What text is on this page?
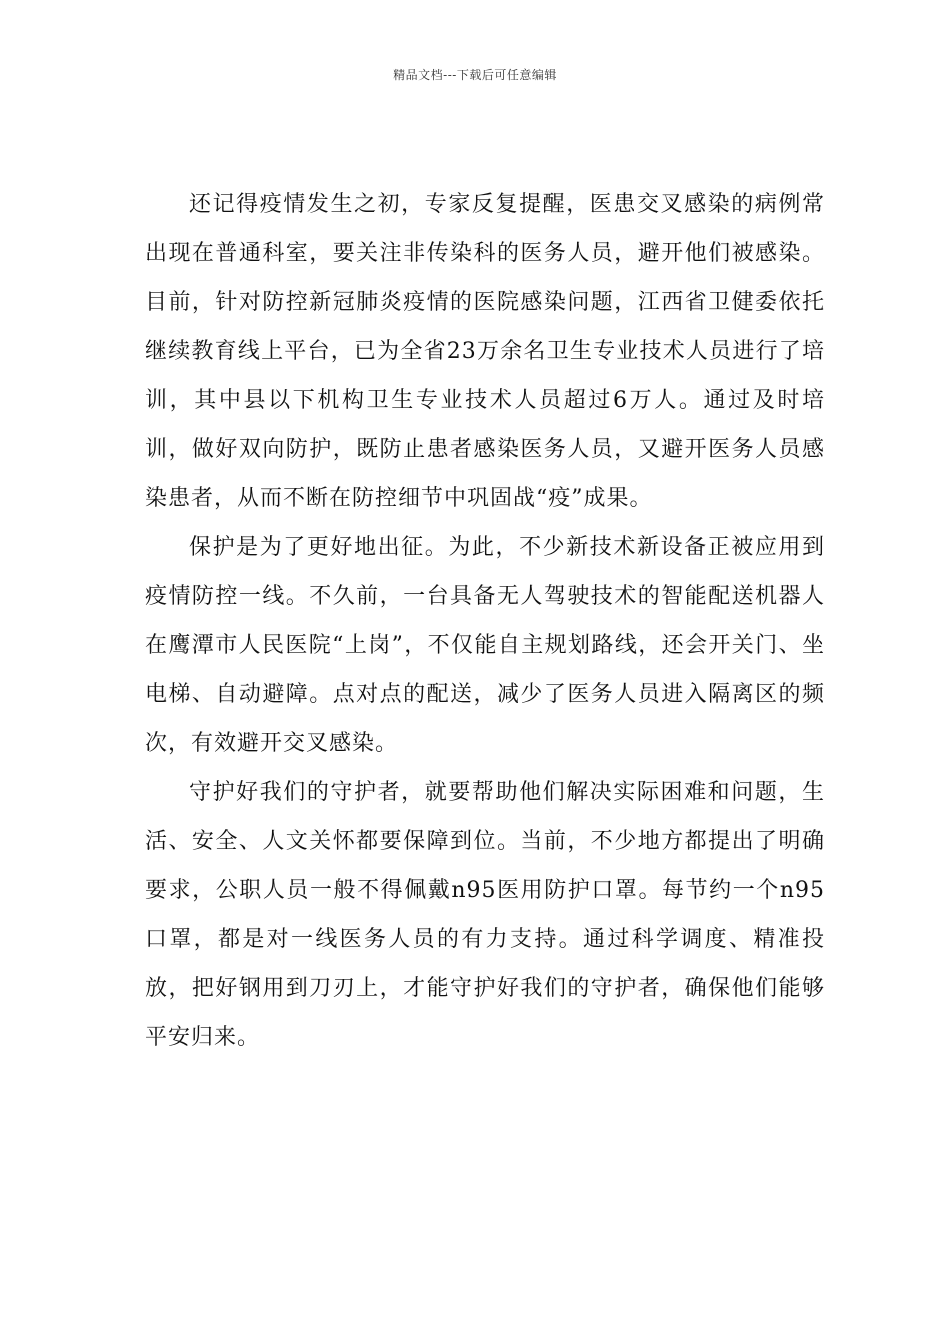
精品文档---下载后可任意编辑

还记得疫情发生之初，专家反复提醒，医患交叉感染的病例常出现在普通科室，要关注非传染科的医务人员，避开他们被感染。目前，针对防控新冠肺炎疫情的医院感染问题，江西省卫健委依托继续教育线上平台，已为全省23万余名卫生专业技术人员进行了培训，其中县以下机构卫生专业技术人员超过6万人。通过及时培训，做好双向防护，既防止患者感染医务人员，又避开医务人员感染患者，从而不断在防控细节中巩固战“疫”成果。

保护是为了更好地出征。为此，不少新技术新设备正被应用到疫情防控一线。不久前，一台具备无人驾驶技术的智能配送机器人在鹰潭市人民医院“上岗”，不仅能自主规划路线，还会开关门、坐电梯、自动避障。点对点的配送，减少了医务人员进入隔离区的频次，有效避开交叉感染。

守护好我们的守护者，就要帮助他们解决实际困难和问题，生活、安全、人文关怀都要保障到位。当前，不少地方都提出了明确要求，公职人员一般不得佩戴n95医用防护口罩。每节约一个n95口罩，都是对一线医务人员的有力支持。通过科学调度、精准投放，把好钢用到刀刃上，才能守护好我们的守护者，确保他们能够平安归来。
